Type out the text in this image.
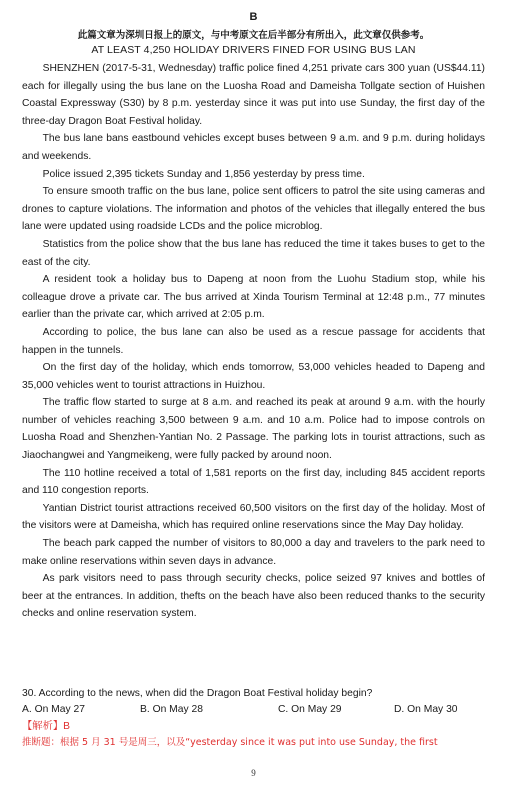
B
此篇文章为深圳日报上的原文，与中考原文在后半部分有所出入，此文章仅供参考。
AT LEAST 4,250 HOLIDAY DRIVERS FINED FOR USING BUS LAN

SHENZHEN (2017-5-31, Wednesday) traffic police fined 4,251 private cars 300 yuan (US$44.11) each for illegally using the bus lane on the Luosha Road and Dameisha Tollgate section of Huishen Coastal Expressway (S30) by 8 p.m. yesterday since it was put into use Sunday, the first day of the three-day Dragon Boat Festival holiday.

The bus lane bans eastbound vehicles except buses between 9 a.m. and 9 p.m. during holidays and weekends.

Police issued 2,395 tickets Sunday and 1,856 yesterday by press time.

To ensure smooth traffic on the bus lane, police sent officers to patrol the site using cameras and drones to capture violations. The information and photos of the vehicles that illegally entered the bus lane were updated using roadside LCDs and the police microblog.

Statistics from the police show that the bus lane has reduced the time it takes buses to get to the east of the city.

A resident took a holiday bus to Dapeng at noon from the Luohu Stadium stop, while his colleague drove a private car. The bus arrived at Xinda Tourism Terminal at 12:48 p.m., 77 minutes earlier than the private car, which arrived at 2:05 p.m.

According to police, the bus lane can also be used as a rescue passage for accidents that happen in the tunnels.

On the first day of the holiday, which ends tomorrow, 53,000 vehicles headed to Dapeng and 35,000 vehicles went to tourist attractions in Huizhou.

The traffic flow started to surge at 8 a.m. and reached its peak at around 9 a.m. with the hourly number of vehicles reaching 3,500 between 9 a.m. and 10 a.m. Police had to impose controls on Luosha Road and Shenzhen-Yantian No. 2 Passage. The parking lots in tourist attractions, such as Jiaochangwei and Yangmeikeng, were fully packed by around noon.

The 110 hotline received a total of 1,581 reports on the first day, including 845 accident reports and 110 congestion reports.

Yantian District tourist attractions received 60,500 visitors on the first day of the holiday. Most of the visitors were at Dameisha, which has required online reservations since the May Day holiday.

The beach park capped the number of visitors to 80,000 a day and travelers to the park need to make online reservations within seven days in advance.

As park visitors need to pass through security checks, police seized 97 knives and bottles of beer at the entrances. In addition, thefts on the beach have also been reduced thanks to the security checks and online reservation system.

30. According to the news, when did the Dragon Boat Festival holiday begin?

A. On May 27	B. On May 28	C. On May 29	D. On May 30

【解析】B

推断题：根据 5 月 31 号是周三，以及“yesterday since it was put into use Sunday, the first

9
